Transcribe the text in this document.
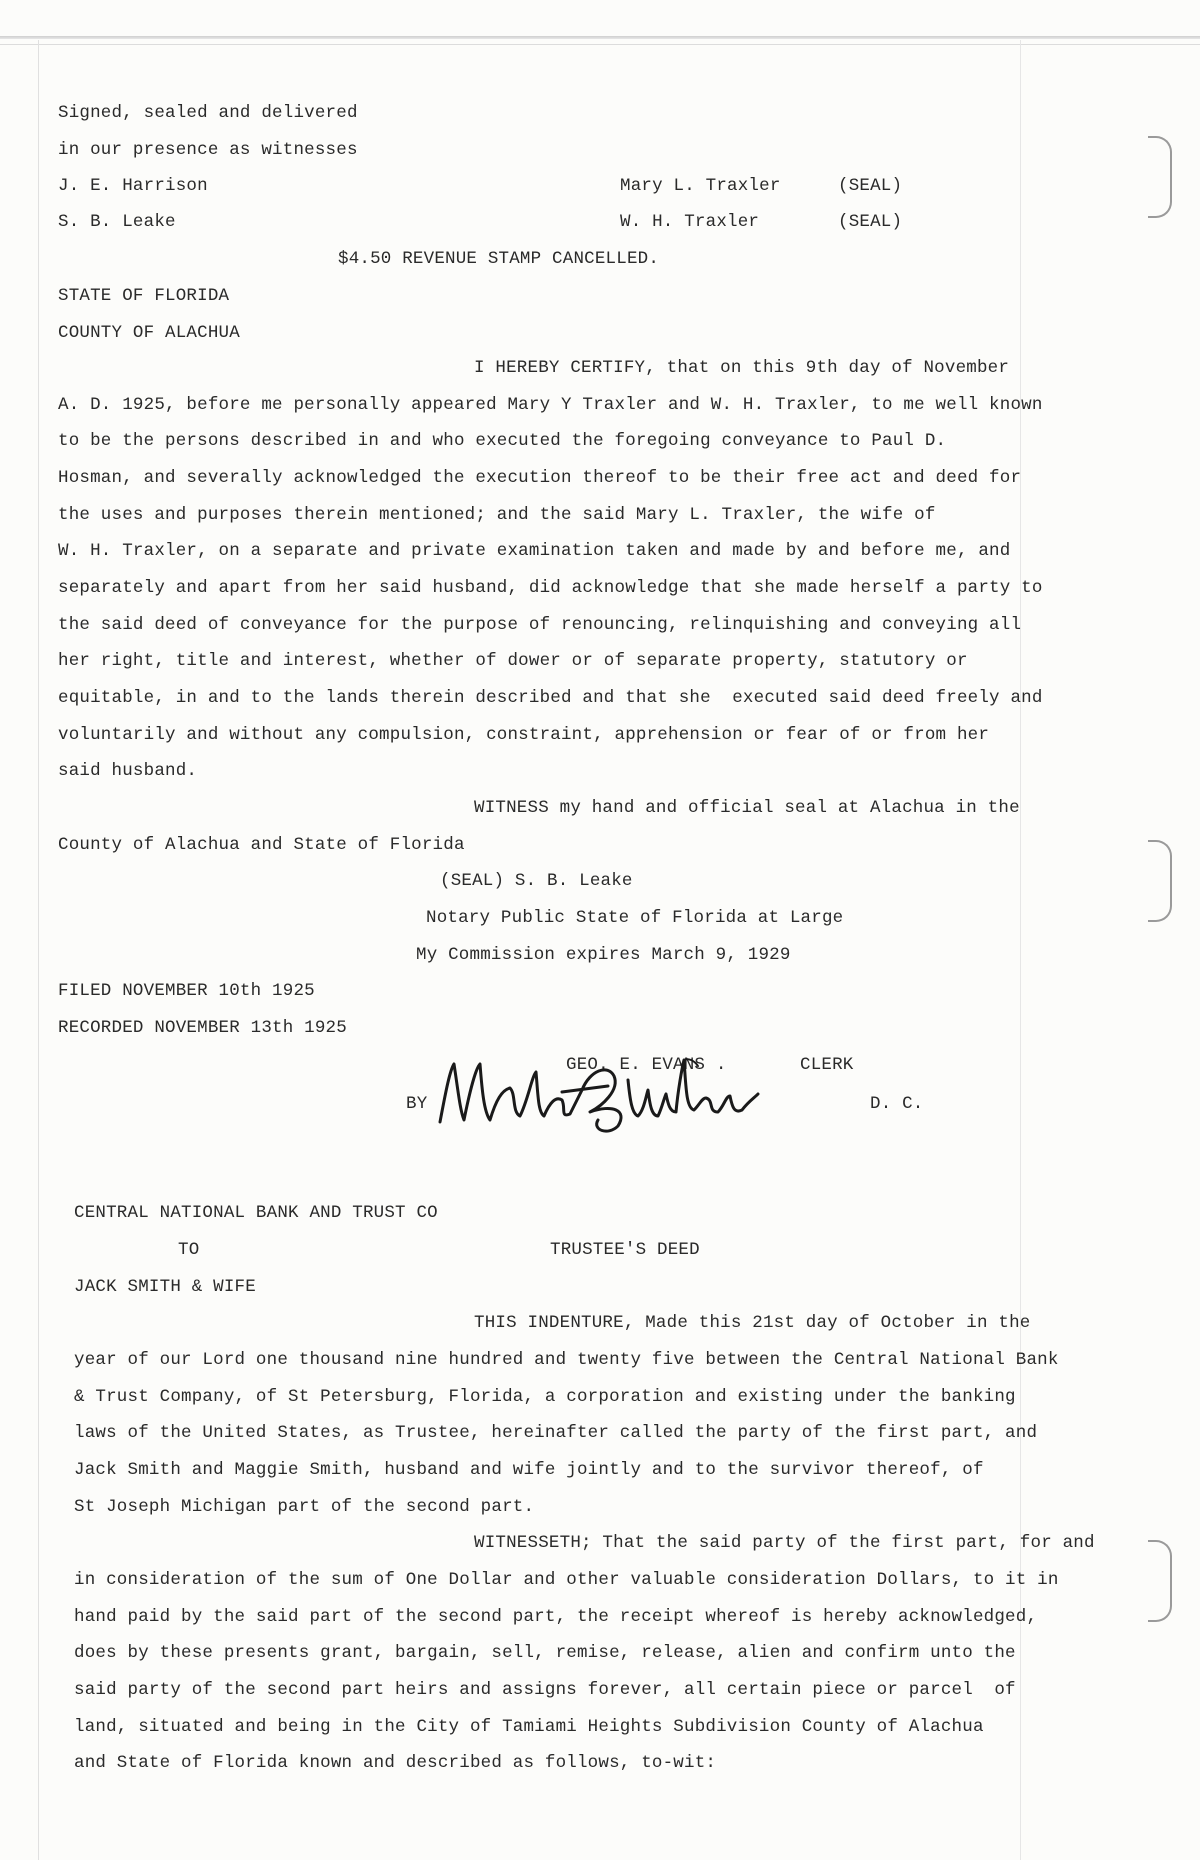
Signed, sealed and delivered
in our presence as witnesses
J. E. Harrison	Mary L. Traxler	(SEAL)
S. B. Leake	W. H. Traxler	(SEAL)
$4.50 REVENUE STAMP CANCELLED.
STATE OF FLORIDA
COUNTY OF ALACHUA
I HEREBY CERTIFY, that on this 9th day of November
A. D. 1925, before me personally appeared Mary Y Traxler and W. H. Traxler, to me well known
to be the persons described in and who executed the foregoing conveyance to Paul D.
Hosman, and severally acknowledged the execution thereof to be their free act and deed for
the uses and purposes therein mentioned; and the said Mary L. Traxler, the wife of
W. H. Traxler, on a separate and private examination taken and made by and before me, and
separately and apart from her said husband, did acknowledge that she made herself a party to
the said deed of conveyance for the purpose of renouncing, relinquishing and conveying all
her right, title and interest, whether of dower or of separate property, statutory or
equitable, in and to the lands therein described and that she  executed said deed freely and
voluntarily and without any compulsion, constraint, apprehension or fear of or from her
said husband.
WITNESS my hand and official seal at Alachua in the
County of Alachua and State of Florida
(SEAL) S. B. Leake
Notary Public State of Florida at Large
My Commission expires March 9, 1929
FILED NOVEMBER 10th 1925
RECORDED NOVEMBER 13th 1925
GEO. E. EVANS .	CLERK
BY	D. C.
CENTRAL NATIONAL BANK AND TRUST CO
TO	TRUSTEE'S DEED
JACK SMITH & WIFE
THIS INDENTURE, Made this 21st day of October in the
year of our Lord one thousand nine hundred and twenty five between the Central National Bank
& Trust Company, of St Petersburg, Florida, a corporation and existing under the banking
laws of the United States, as Trustee, hereinafter called the party of the first part, and
Jack Smith and Maggie Smith, husband and wife jointly and to the survivor thereof, of
St Joseph Michigan part of the second part.
WITNESSETH; That the said party of the first part, for and
in consideration of the sum of One Dollar and other valuable consideration Dollars, to it in
hand paid by the said part of the second part, the receipt whereof is hereby acknowledged,
does by these presents grant, bargain, sell, remise, release, alien and confirm unto the
said party of the second part heirs and assigns forever, all certain piece or parcel  of
land, situated and being in the City of Tamiami Heights Subdivision County of Alachua
and State of Florida known and described as follows, to-wit:
